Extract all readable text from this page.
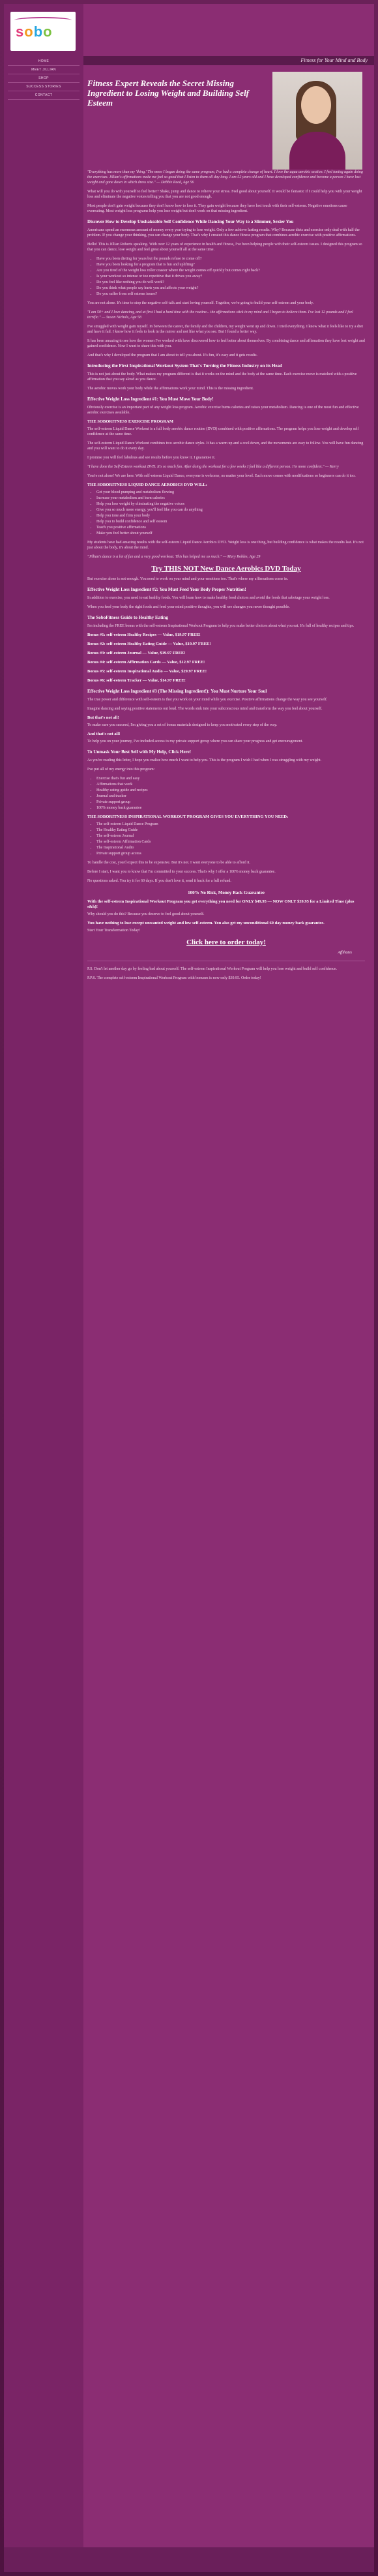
sobo
HOME
MEET JILLIAN
SHOP
SUCCESS STORIES
CONTACT
Fitness for Your Mind and Body
Fitness Expert Reveals the Secret Missing Ingredient to Losing Weight and Building Self Esteem

"Everything has more than my 'thing.' The more I began doing the same program, I've had a complete change of heart. I love the aqua aerobic section. I feel toning again doing the exercises. Jillian's affirmations make me feel so good that I listen to them all day long. I am 52 years old and I have developed confidence and become a person I have lost weight and gone down in which dress size." — Debbie Reed, Age 56

What will you do with yourself to feel better? Shake, jump and dance to relieve your stress. Feel good about yourself. It would be fantastic if I could help you with your weight loss and eliminate the negative voices telling you that you are not good enough.

Most people don't gain weight because they don't know how to lose it. They gain weight because they have lost touch with their self-esteem. Negative emotions cause overeating. Most weight loss programs help you lose weight but don't work on that missing ingredient.

Discover How to Develop Unshakeable Self Confidence While Dancing Your Way to a Slimmer, Sexier You

Americans spend an enormous amount of money every year trying to lose weight. Only a few achieve lasting results. Why? Because diets and exercise only deal with half the problem. If you change your thinking, you can change your body. That's why I created this dance fitness program that combines aerobic exercise with positive affirmations.

Hello! This is Jillian Roberts speaking. With over 12 years of experience in health and fitness, I've been helping people with their self-esteem issues. I designed this program so that you can dance, lose weight and feel great about yourself all at the same time.

• Have you been dieting for years but the pounds refuse to come off?
• Have you been looking for a program that is fun and uplifting?
• Are you tired of the weight loss roller coaster where the weight comes off quickly but comes right back?
• Is your workout so intense or too repetitive that it drives you away?
• Do you feel like nothing you do will work?
• Do you think what people say hurts you and affects your weight?
• Do you suffer from self esteem issues?

You are not alone. It's time to stop the negative self-talk and start loving yourself. Together, we're going to build your self-esteem and your body.

"I am 50+ and I love dancing, and at first I had a hard time with the routine... the affirmations stick in my mind and I began to believe them. I've lost 12 pounds and I feel terrific." — Susan Nichols, Age 58

I've struggled with weight gain myself. In between the career, the family and the children, my weight went up and down. I tried everything. I know what it feels like to try a diet and have it fail. I know how it feels to look in the mirror and not like what you see. But I found a better way.

It has been amazing to see how the women I've worked with have discovered how to feel better about themselves. By combining dance and affirmation they have lost weight and gained confidence. Now I want to share this with you.

And that's why I developed the program that I am about to tell you about. It's fun, it's easy and it gets results.

Introducing the First Inspirational Workout System That's Turning the Fitness Industry on its Head

This is not just about the body. What makes my program different is that it works on the mind and the body at the same time. Each exercise move is matched with a positive affirmation that you say aloud as you dance.

The aerobic moves work your body while the affirmations work your mind. This is the missing ingredient.

Effective Weight Loss Ingredient #1: You Must Move Your Body!

Obviously exercise is an important part of any weight loss program. Aerobic exercise burns calories and raises your metabolism. Dancing is one of the most fun and effective aerobic exercises available.

THE SOBORITNESS EXERCISE PROGRAM

The self-esteem Liquid Dance Workout is a full body aerobic dance routine (DVD) combined with positive affirmations. The program helps you lose weight and develop self confidence at the same time.

The self-esteem Liquid Dance Workout combines two aerobic dance styles. It has a warm up and a cool down, and the movements are easy to follow. You will have fun dancing and you will want to do it every day.

I promise you will feel fabulous and see results before you know it. I guarantee it.

"I have done the Self-Esteem workout DVD. It's so much fun. After doing the workout for a few weeks I feel like a different person. I'm more confident." — Kerry

You're not alone! We are here. With self-esteem Liquid Dance, everyone is welcome, no matter your level. Each move comes with modifications so beginners can do it too.

THE SOBORITNESS LIQUID DANCE AEROBICS DVD WILL:
• Get your blood pumping and metabolism flowing
• Increase your metabolism and burn calories
• Help you lose weight by eliminating the negative voices
• Give you so much more energy, you'll feel like you can do anything
• Help you tone and firm your body
• Help you to build confidence and self esteem
• Teach you positive affirmations
• Make you feel better about yourself

My students have had amazing results with the self-esteem Liquid Dance Aerobics DVD. Weight loss is one thing, but building confidence is what makes the results last. It's not just about the body, it's about the mind.

"Jillian's dance is a lot of fun and a very good workout. This has helped me so much." — Mary Robles, Age 29

Try THIS NOT New Dance Aerobics DVD Today

But exercise alone is not enough. You need to work on your mind and your emotions too. That's where my affirmations come in.

Effective Weight Loss Ingredient #2: You Must Feed Your Body Proper Nutrition!

In addition to exercise, you need to eat healthy foods. You will learn how to make healthy food choices and avoid the foods that sabotage your weight loss.

When you feed your body the right foods and feed your mind positive thoughts, you will see changes you never thought possible.

The SoboFitness Guide to Healthy Eating

I'm including the FREE bonus with the self-esteem Inspirational Workout Program to help you make better choices about what you eat. It's full of healthy recipes and tips.

Bonus #1: self-esteem Healthy Recipes — Value, $19.97 FREE!

Bonus #2: self-esteem Healthy Eating Guide — Value, $19.97 FREE!

Bonus #3: self-esteem Journal — Value, $19.97 FREE!

Bonus #4: self-esteem Affirmation Cards — Value, $12.97 FREE!

Bonus #5: self-esteem Inspirational Audio — Value, $29.97 FREE!

Bonus #6: self-esteem Tracker — Value, $14.97 FREE!

Effective Weight Loss Ingredient #3 (The Missing Ingredient!): You Must Nurture Your Soul

The true power and difference with self-esteem is that you work on your mind while you exercise. Positive affirmations change the way you see yourself.

Imagine dancing and saying positive statements out loud. The words sink into your subconscious mind and transform the way you feel about yourself.

But that's not all!

To make sure you succeed, I'm giving you a set of bonus materials designed to keep you motivated every step of the way.

And that's not all!

To help you on your journey, I've included access to my private support group where you can share your progress and get encouragement.

To Unmask Your Best Self with My Help, Click Here!

As you're reading this letter, I hope you realize how much I want to help you. This is the program I wish I had when I was struggling with my weight.

I've put all of my energy into this program:

• Exercise that's fun and easy
• Affirmations that work
• Healthy eating guide and recipes
• Journal and tracker
• Private support group
• 100% money back guarantee
THE SOBORITNESS INSPIRATIONAL WORKOUT PROGRAM GIVES YOU EVERYTHING YOU NEED:
• The self-esteem Liquid Dance Program
• The Healthy Eating Guide
• The self-esteem Journal
• The self-esteem Affirmation Cards
• The Inspirational Audio
• Private support group access

To handle the cost, you'd expect this to be expensive. But it's not. I want everyone to be able to afford it.

Before I start, I want you to know that I'm committed to your success. That's why I offer a 100% money back guarantee.

No questions asked. You try it for 60 days. If you don't love it, send it back for a full refund.

100% No Risk, Money Back Guarantee

With the self-esteem Inspirational Workout Program you get everything you need for ONLY $49.95 — NOW ONLY $39.95 for a Limited Time (plus s&h)!

Why should you do this? Because you deserve to feel good about yourself.

You have nothing to lose except unwanted weight and low self-esteem. You also get my unconditional 60 day money back guarantee.

Start Your Transformation Today!

Click here to order today!
Affiliates

P.S. Don't let another day go by feeling bad about yourself. The self-esteem Inspirational Workout Program will help you lose weight and build self confidence.

P.P.S. The complete self-esteem Inspirational Workout Program with bonuses is now only $39.95. Order today!
